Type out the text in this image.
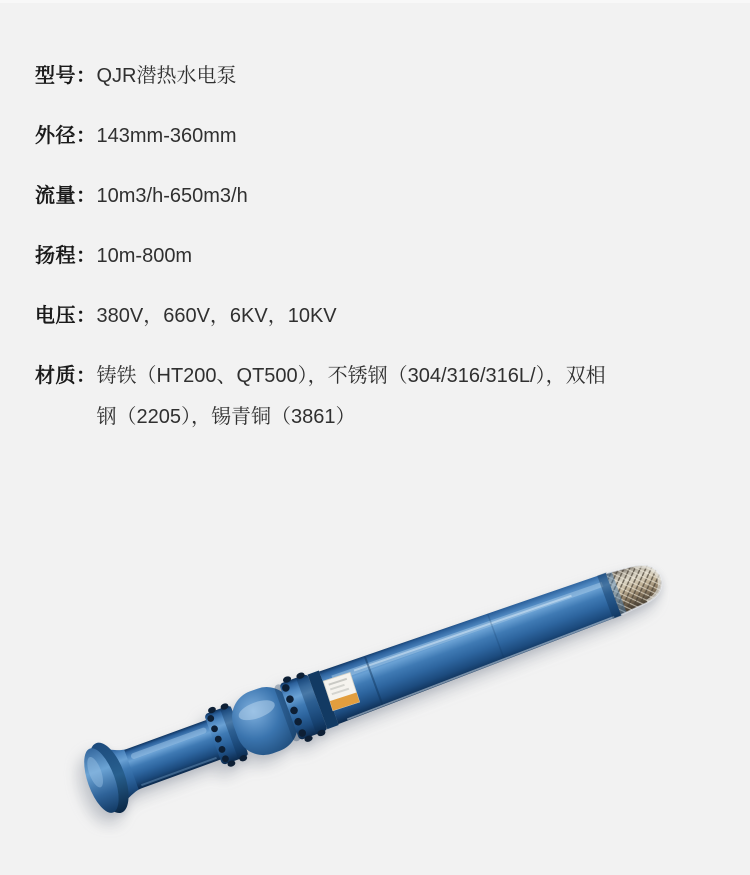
型号： QJR潜热水电泵
外径： 143mm-360mm
流量： 10m3/h-650m3/h
扬程： 10m-800m
电压： 380V，660V，6KV，10KV
材质： 铸铁（HT200、QT500），不锈钢（304/316/316L/），双相
钢（2205），锡青铜（3861）
